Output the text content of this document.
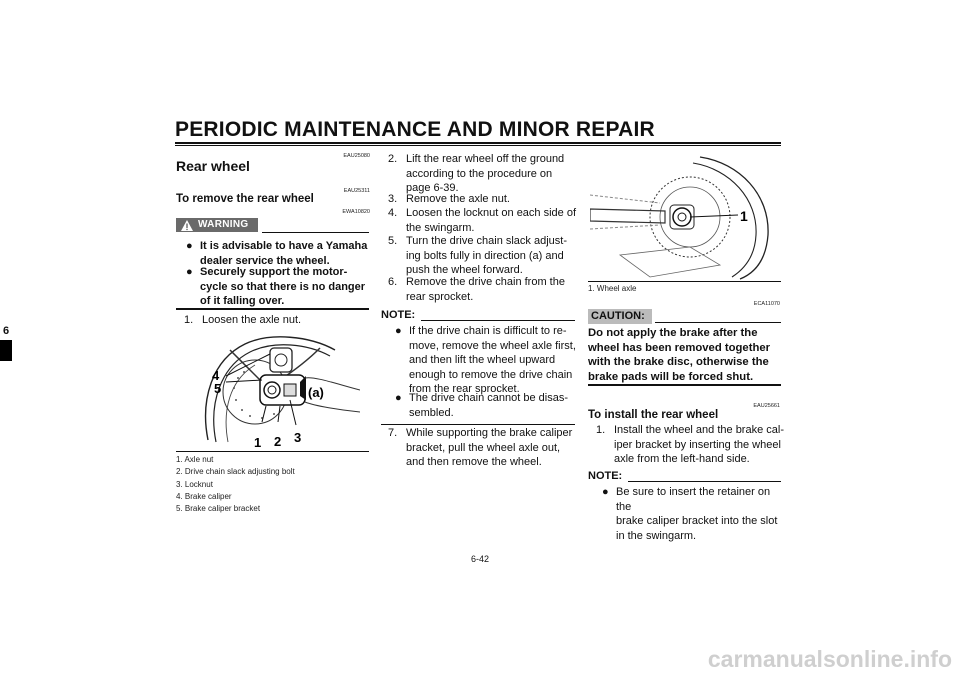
PERIODIC MAINTENANCE AND MINOR REPAIR
6
EAU25080
Rear wheel
EAU25311
To remove the rear wheel
EWA10820
WARNING
● It is advisable to have a Yamaha
dealer service the wheel.
● Securely support the motor-
cycle so that there is no danger
of it falling over.
1. Loosen the axle nut.
4
5	(a)
1 2 3
1. Axle nut
2. Drive chain slack adjusting bolt
3. Locknut
4. Brake caliper
5. Brake caliper bracket
2. Lift the rear wheel off the ground
according to the procedure on
page 6-39.
3. Remove the axle nut.
4. Loosen the locknut on each side of
the swingarm.
5. Turn the drive chain slack adjust-
ing bolts fully in direction (a) and
push the wheel forward.
6. Remove the drive chain from the
rear sprocket.
NOTE:
● If the drive chain is difficult to re-
move, remove the wheel axle first,
and then lift the wheel upward
enough to remove the drive chain
from the rear sprocket.
● The drive chain cannot be disas-
sembled.
7. While supporting the brake caliper
bracket, pull the wheel axle out,
and then remove the wheel.
1
1. Wheel axle
ECA11070
CAUTION:
Do not apply the brake after the
wheel has been removed together
with the brake disc, otherwise the
brake pads will be forced shut.
EAU25661
To install the rear wheel
1. Install the wheel and the brake cal-
iper bracket by inserting the wheel
axle from the left-hand side.
NOTE:
● Be sure to insert the retainer on the
brake caliper bracket into the slot
in the swingarm.
6-42
carmanualsonline.info
